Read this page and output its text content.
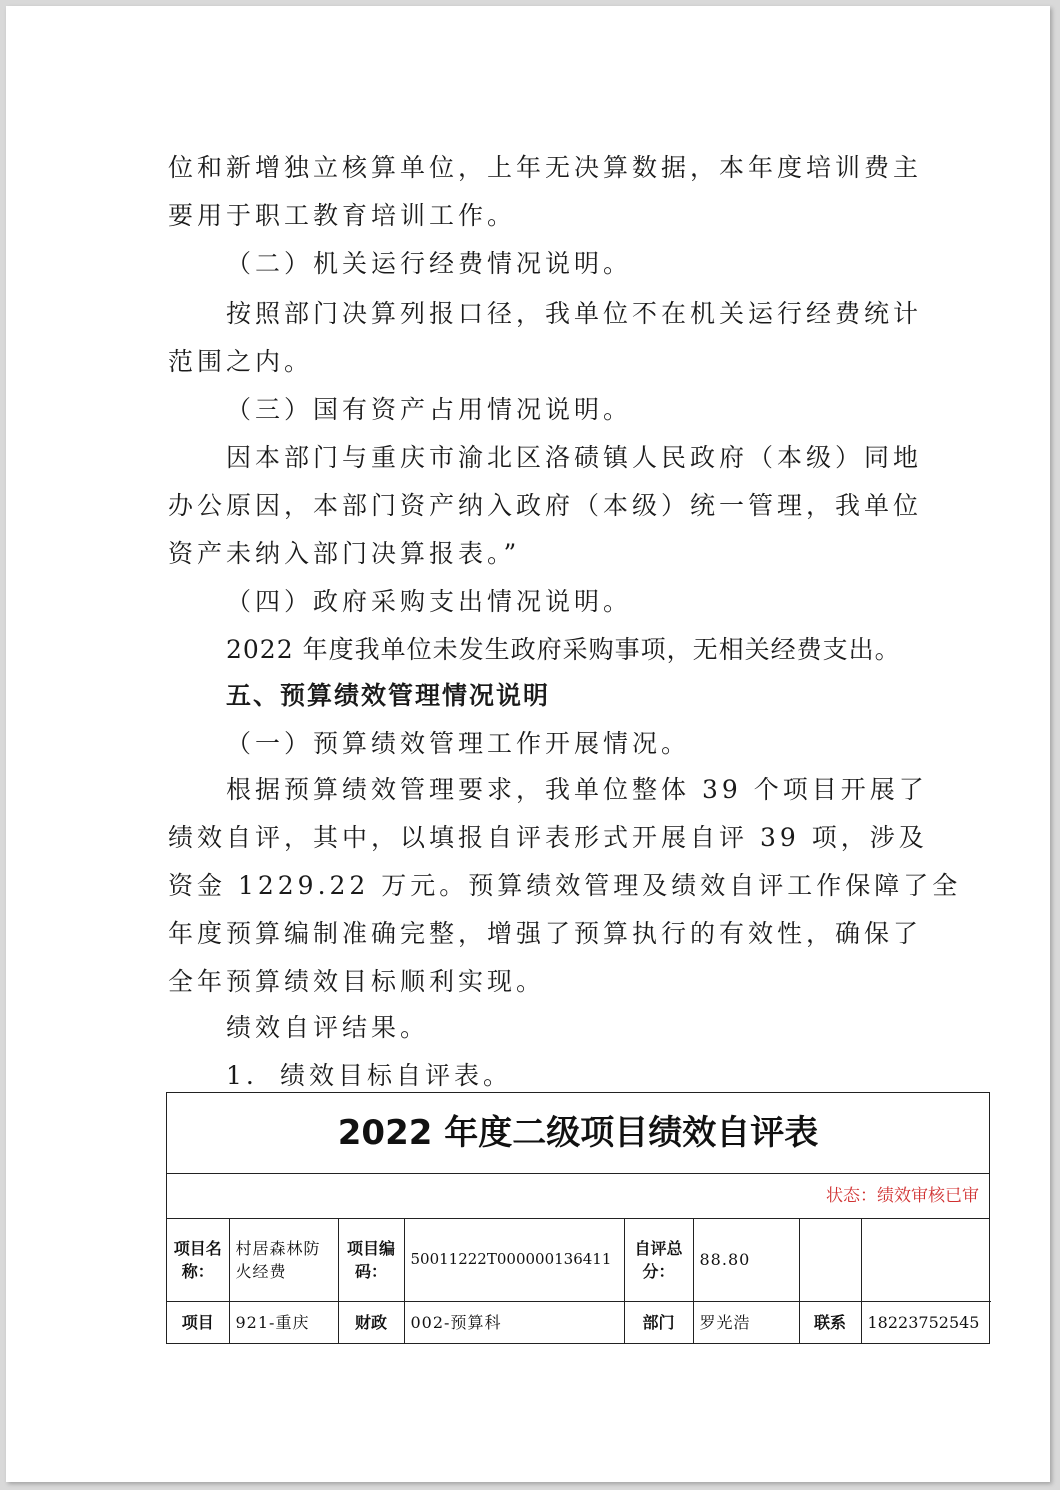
位和新增独立核算单位，上年无决算数据，本年度培训费主

要用于职工教育培训工作。

（二）机关运行经费情况说明。

按照部门决算列报口径，我单位不在机关运行经费统计

范围之内。

（三）国有资产占用情况说明。

因本部门与重庆市渝北区洛碛镇人民政府（本级）同地

办公原因，本部门资产纳入政府（本级）统一管理，我单位

资产未纳入部门决算报表。”

（四）政府采购支出情况说明。

2022 年度我单位未发生政府采购事项，无相关经费支出。

五、预算绩效管理情况说明

（一）预算绩效管理工作开展情况。

根据预算绩效管理要求，我单位整体 39 个项目开展了

绩效自评，其中，以填报自评表形式开展自评 39 项，涉及

资金 1229.22 万元。预算绩效管理及绩效自评工作保障了全

年度预算编制准确完整，增强了预算执行的有效性，确保了

全年预算绩效目标顺利实现。

绩效自评结果。

1. 绩效目标自评表。

2022 年度二级项目绩效自评表
状态：绩效审核已审
项目名称：	村居森林防火经费	项目编码：	50011222T000000136411	自评总分：	88.80		
项目	921-重庆	财政	002-预算科	部门	罗光浩	联系	18223752545
